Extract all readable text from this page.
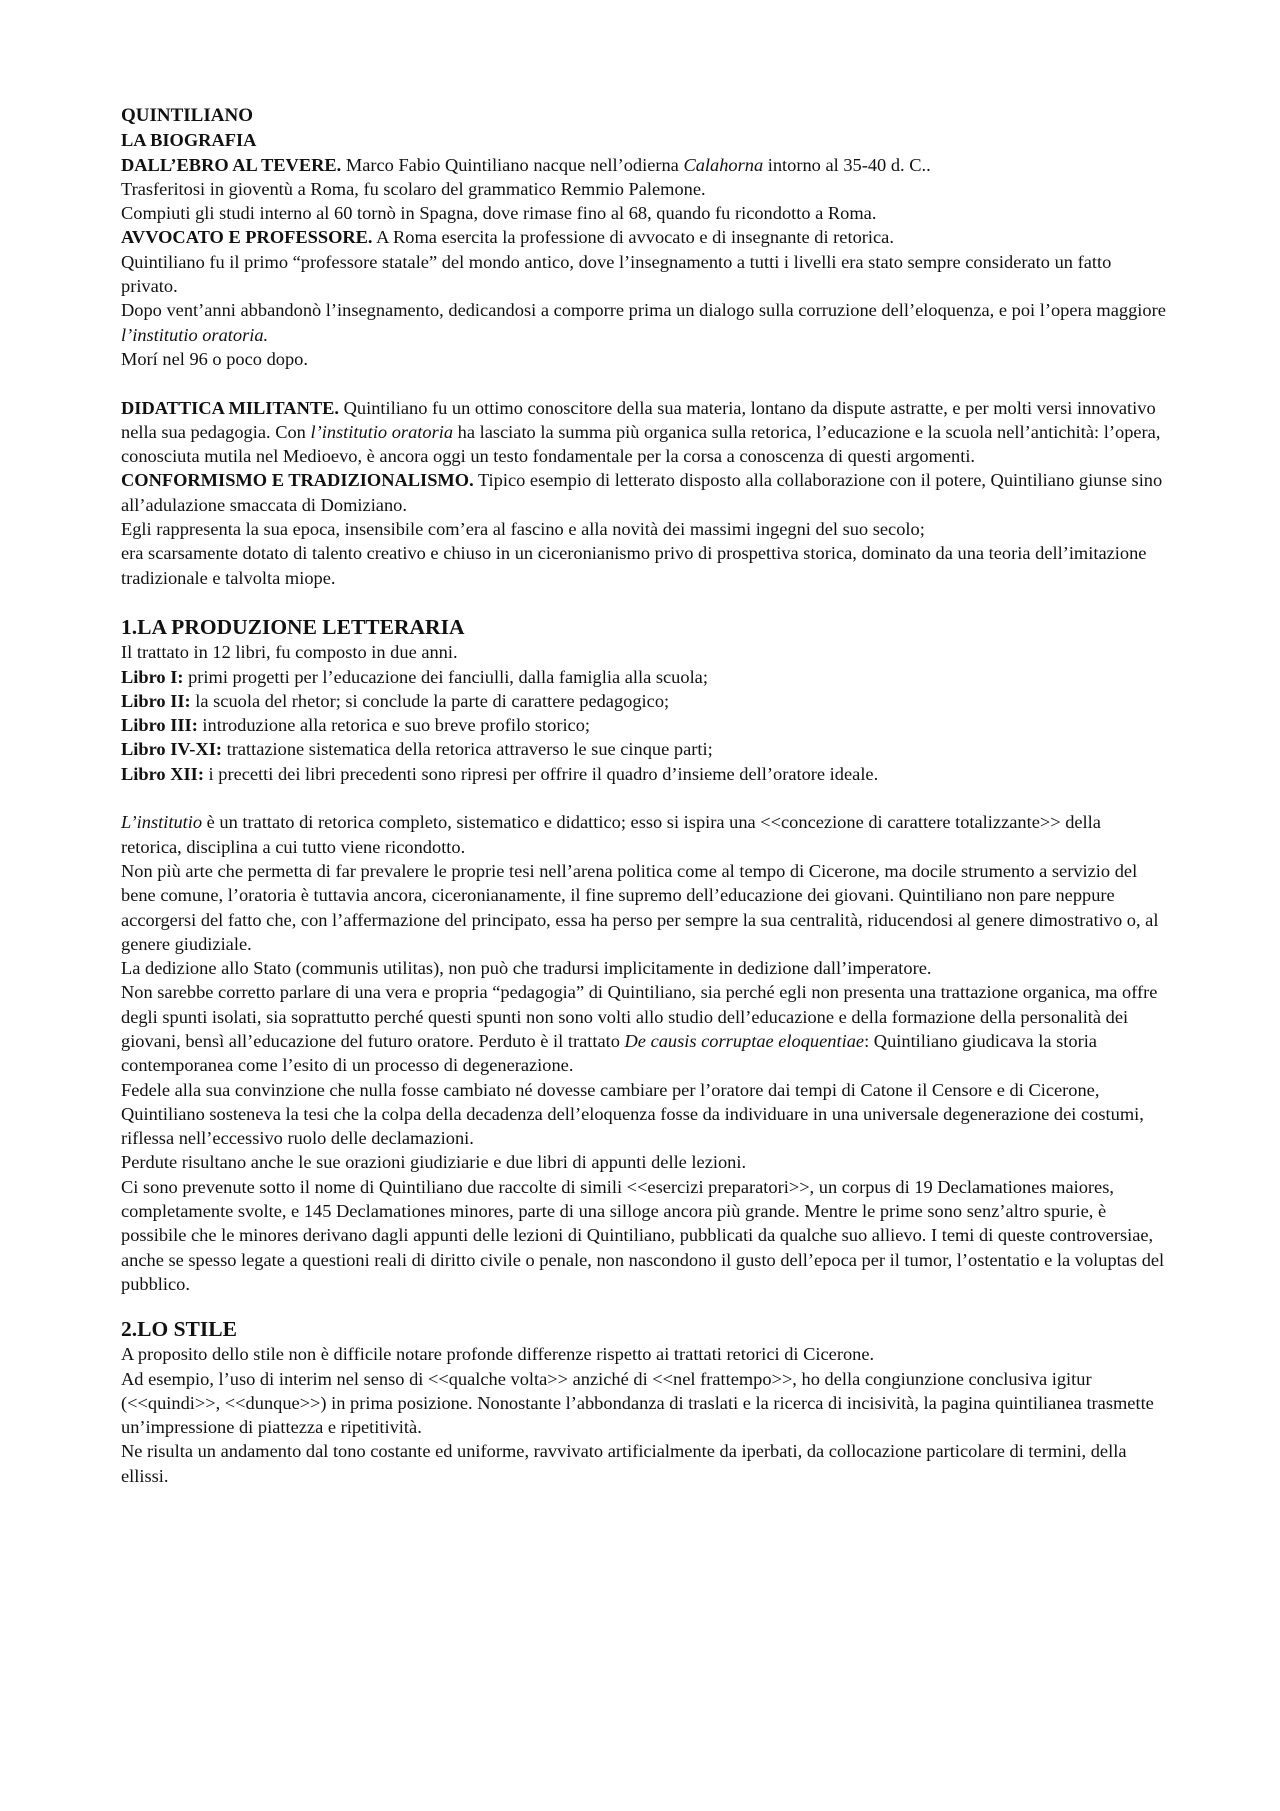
QUINTILIANO

LA BIOGRAFIA

DALL’EBRO AL TEVERE. Marco Fabio Quintiliano nacque nell’odierna Calahorna intorno al 35-40 d. C..

Trasferitosi in gioventù a Roma, fu scolaro del grammatico Remmio Palemone.

Compiuti gli studi interno al 60 tornò in Spagna, dove rimase fino al 68, quando fu ricondotto a Roma.

AVVOCATO E PROFESSORE. A Roma esercita la professione di avvocato e di insegnante di retorica.

Quintiliano fu il primo “professore statale” del mondo antico, dove l’insegnamento a tutti i livelli era stato sempre considerato un fatto privato.

Dopo vent’anni abbandonò l’insegnamento, dedicandosi a comporre prima un dialogo sulla corruzione dell’eloquenza, e poi l’opera maggiore l’institutio oratoria.

Morí nel 96 o poco dopo.

DIDATTICA MILITANTE. Quintiliano fu un ottimo conoscitore della sua materia, lontano da dispute astratte, e per molti versi innovativo nella sua pedagogia. Con l’institutio oratoria ha lasciato la summa più organica sulla retorica, l’educazione e la scuola nell’antichità: l’opera, conosciuta mutila nel Medioevo, è ancora oggi un testo fondamentale per la corsa a conoscenza di questi argomenti.

CONFORMISMO E TRADIZIONALISMO. Tipico esempio di letterato disposto alla collaborazione con il potere, Quintiliano giunse sino all’adulazione smaccata di Domiziano.

Egli rappresenta la sua epoca, insensibile com’era al fascino e alla novità dei massimi ingegni del suo secolo;

era scarsamente dotato di talento creativo e chiuso in un ciceronianismo privo di prospettiva storica, dominato da una teoria dell’imitazione tradizionale e talvolta miope.

1.LA PRODUZIONE LETTERARIA

Il trattato in 12 libri, fu composto in due anni.

Libro I: primi progetti per l’educazione dei fanciulli, dalla famiglia alla scuola;

Libro II: la scuola del rhetor; si conclude la parte di carattere pedagogico;

Libro III: introduzione alla retorica e suo breve profilo storico;

Libro IV-XI: trattazione sistematica della retorica attraverso le sue cinque parti;

Libro XII: i precetti dei libri precedenti sono ripresi per offrire il quadro d’insieme dell’oratore ideale.

L’institutio è un trattato di retorica completo, sistematico e didattico; esso si ispira una <<concezione di carattere totalizzante>> della retorica, disciplina a cui tutto viene ricondotto.

Non più arte che permetta di far prevalere le proprie tesi nell’arena politica come al tempo di Cicerone, ma docile strumento a servizio del bene comune, l’oratoria è tuttavia ancora, ciceronianamente, il fine supremo dell’educazione dei giovani. Quintiliano non pare neppure accorgersi del fatto che, con l’affermazione del principato, essa ha perso per sempre la sua centralità, riducendosi al genere dimostrativo o, al genere giudiziale.

La dedizione allo Stato (communis utilitas), non può che tradursi implicitamente in dedizione dall’imperatore.

Non sarebbe corretto parlare di una vera e propria “pedagogia” di Quintiliano, sia perché egli non presenta una trattazione organica, ma offre degli spunti isolati, sia soprattutto perché questi spunti non sono volti allo studio dell’educazione e della formazione della personalità dei giovani, bensì all’educazione del futuro oratore. Perduto è il trattato De causis corruptae eloquentiae: Quintiliano giudicava la storia contemporanea come l’esito di un processo di degenerazione.

Fedele alla sua convinzione che nulla fosse cambiato né dovesse cambiare per l’oratore dai tempi di Catone il Censore e di Cicerone, Quintiliano sosteneva la tesi che la colpa della decadenza dell’eloquenza fosse da individuare in una universale degenerazione dei costumi, riflessa nell’eccessivo ruolo delle declamazioni.

Perdute risultano anche le sue orazioni giudiziarie e due libri di appunti delle lezioni.

Ci sono prevenute sotto il nome di Quintiliano due raccolte di simili <<esercizi preparatori>>, un corpus di 19 Declamationes maiores, completamente svolte, e 145 Declamationes minores, parte di una silloge ancora più grande. Mentre le prime sono senz’altro spurie, è possibile che le minores derivano dagli appunti delle lezioni di Quintiliano, pubblicati da qualche suo allievo. I temi di queste controversiae, anche se spesso legate a questioni reali di diritto civile o penale, non nascondono il gusto dell’epoca per il tumor, l’ostentatio e la voluptas del pubblico.

2.LO STILE

A proposito dello stile non è difficile notare profonde differenze rispetto ai trattati retorici di Cicerone.

Ad esempio, l’uso di interim nel senso di <<qualche volta>> anziché di <<nel frattempo>>, ho della congiunzione conclusiva igitur (<<quindi>>, <<dunque>>) in prima posizione. Nonostante l’abbondanza di traslati e la ricerca di incisività, la pagina quintilianea trasmette un’impressione di piattezza e ripetitività.

Ne risulta un andamento dal tono costante ed uniforme, ravvivato artificialmente da iperbati, da collocazione particolare di termini, della ellissi.
